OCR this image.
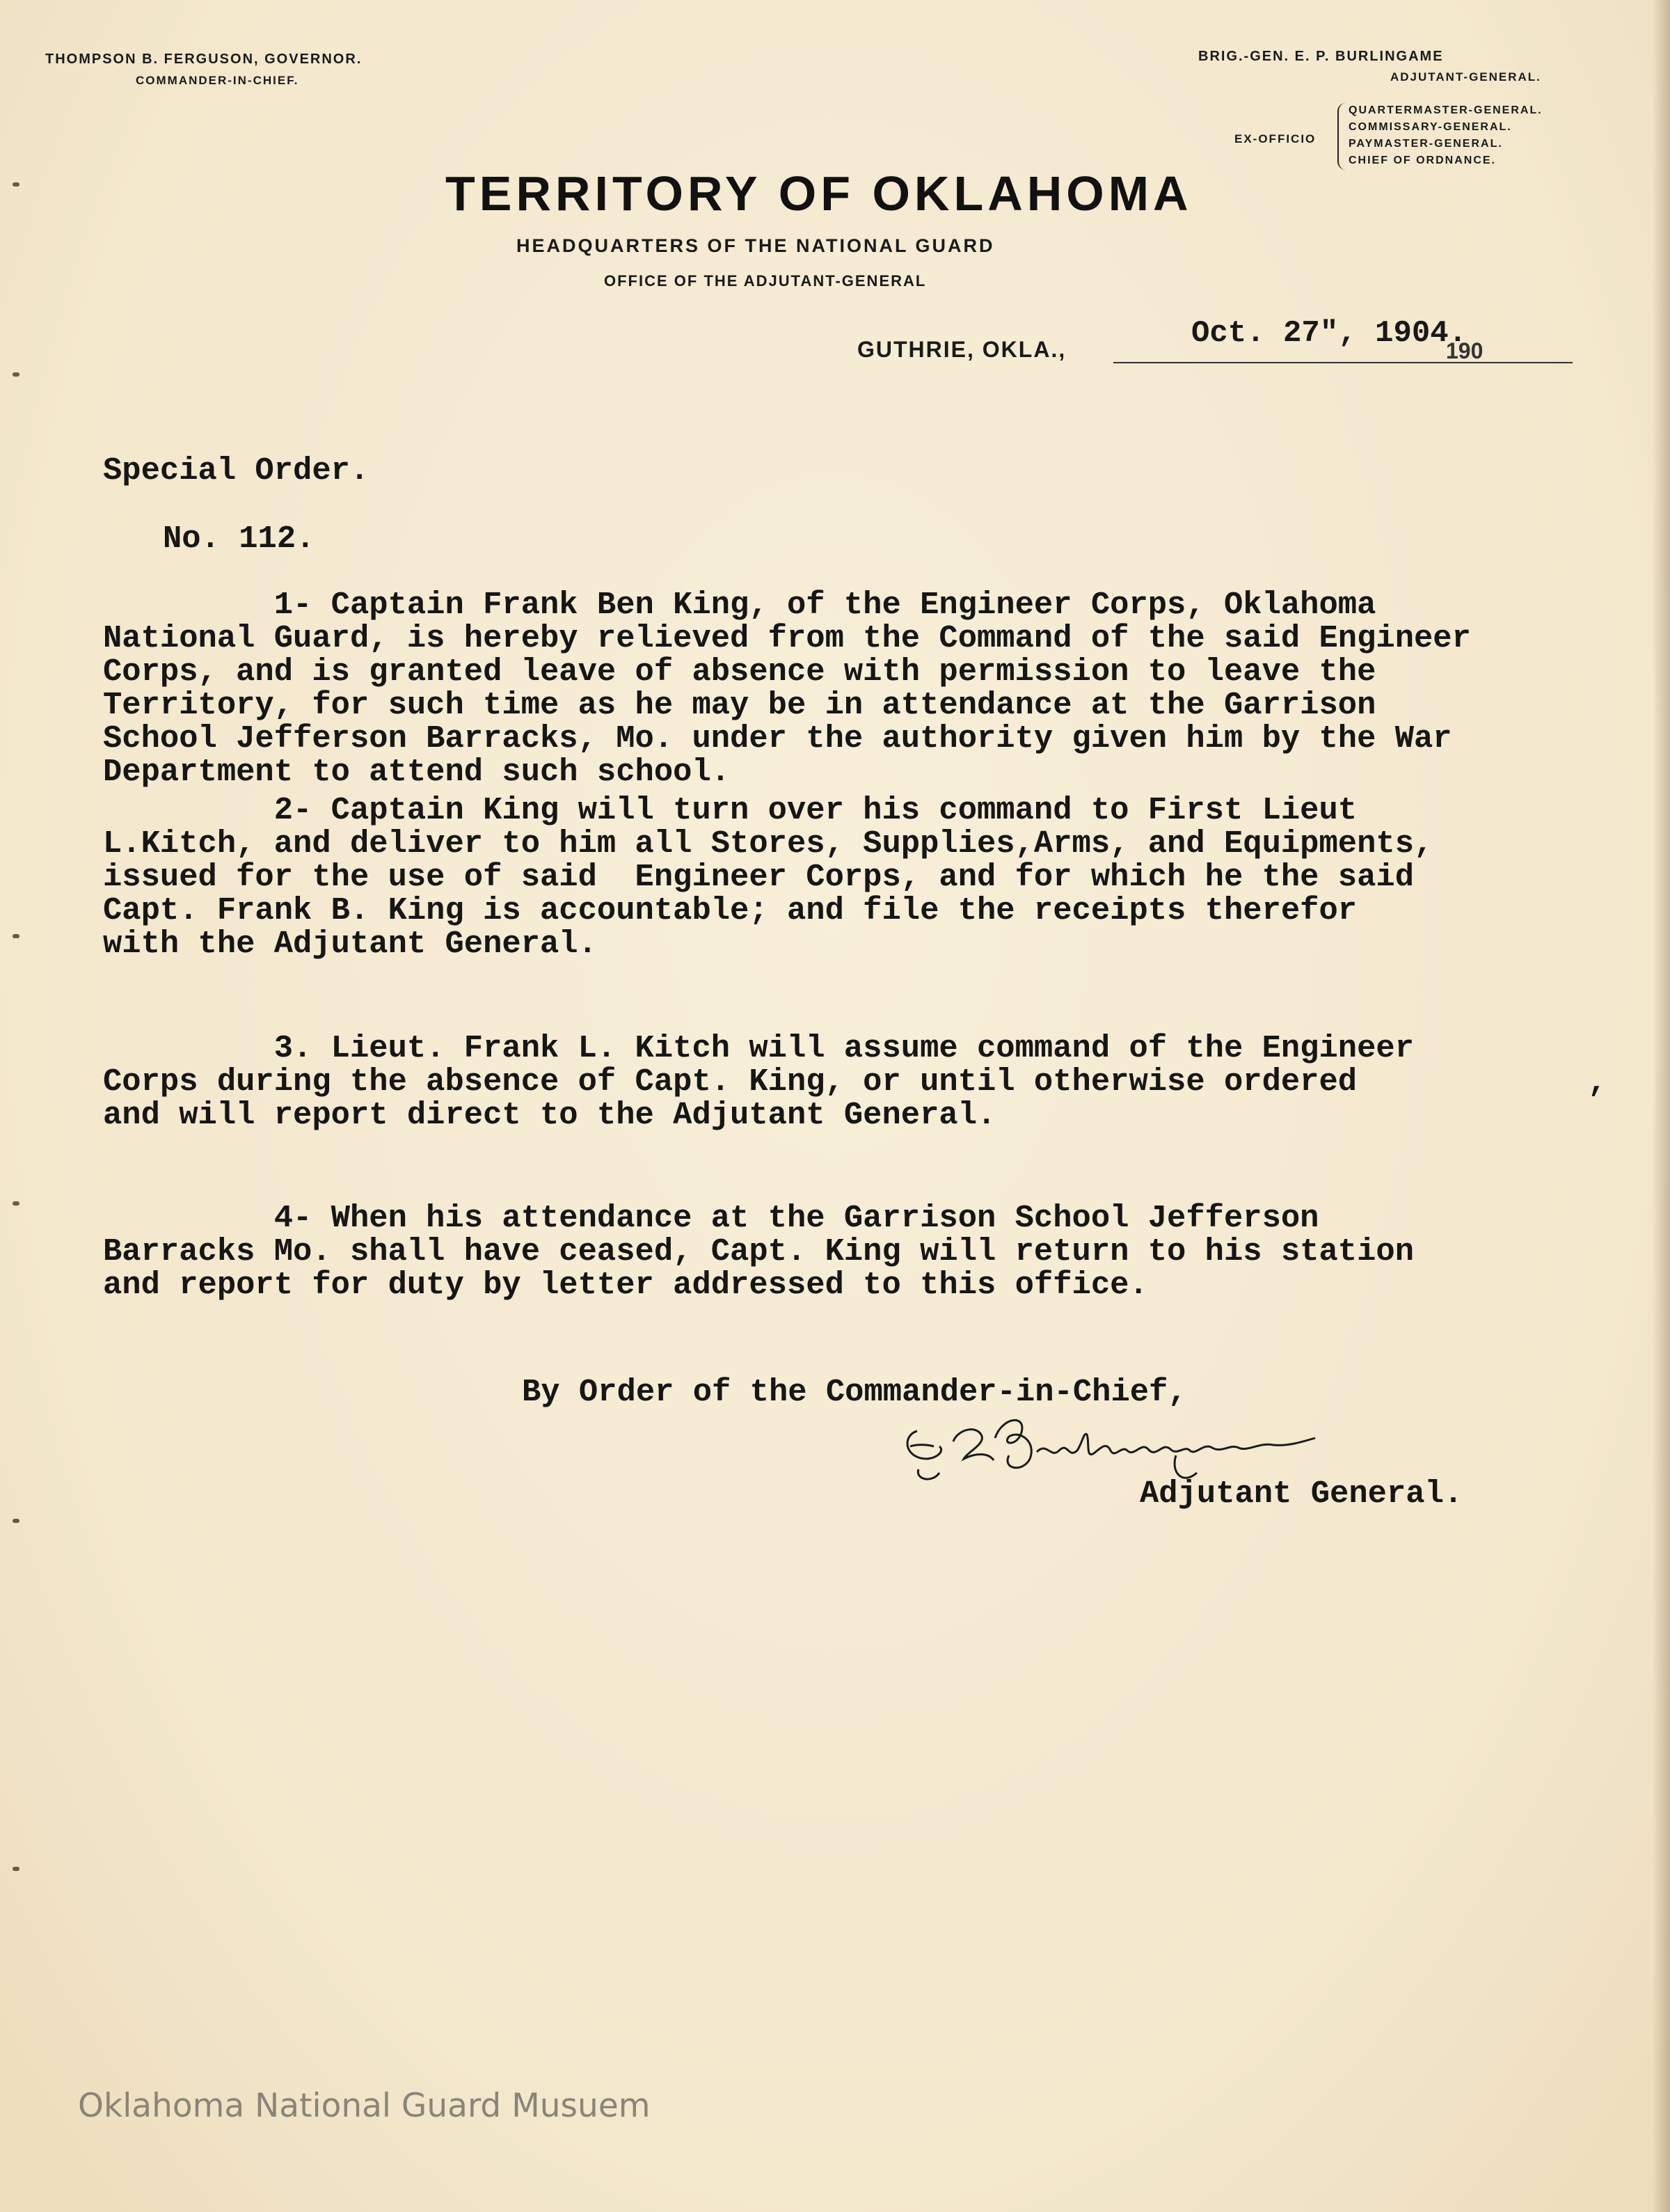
THOMPSON B. FERGUSON, GOVERNOR.
COMMANDER-IN-CHIEF.
BRIG.-GEN. E. P. BURLINGAME
ADJUTANT-GENERAL.
EX-OFFICIO
QUARTERMASTER-GENERAL.
COMMISSARY-GENERAL.
PAYMASTER-GENERAL.
CHIEF OF ORDNANCE.
TERRITORY OF OKLAHOMA
HEADQUARTERS OF THE NATIONAL GUARD
OFFICE OF THE ADJUTANT-GENERAL
GUTHRIE, OKLA.,	Oct. 27", 1904.
190
Special Order.
No. 112.
1- Captain Frank Ben King, of the Engineer Corps, Oklahoma
National Guard, is hereby relieved from the Command of the said Engineer
Corps, and is granted leave of absence with permission to leave the
Territory, for such time as he may be in attendance at the Garrison
School Jefferson Barracks, Mo. under the authority given him by the War
Department to attend such school.
2- Captain King will turn over his command to First Lieut
L.Kitch, and deliver to him all Stores, Supplies,Arms, and Equipments,
issued for the use of said  Engineer Corps, and for which he the said
Capt. Frank B. King is accountable; and file the receipts therefor
with the Adjutant General.
3. Lieut. Frank L. Kitch will assume command of the Engineer
Corps during the absence of Capt. King, or until otherwise ordered
and will report direct to the Adjutant General.
,
4- When his attendance at the Garrison School Jefferson
Barracks Mo. shall have ceased, Capt. King will return to his station
and report for duty by letter addressed to this office.
By Order of the Commander-in-Chief,
Adjutant General.
Oklahoma National Guard Musuem
